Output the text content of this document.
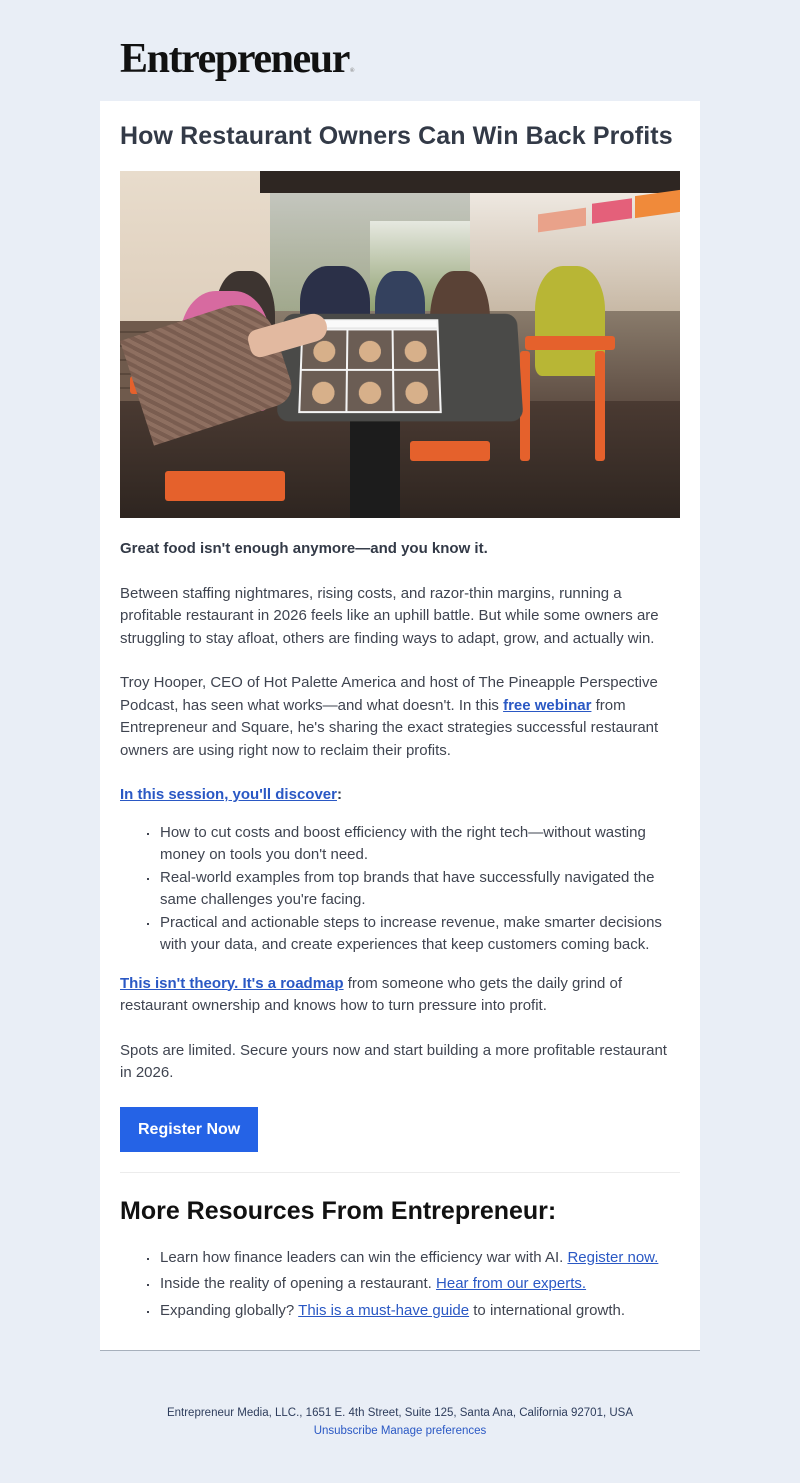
Entrepreneur®
How Restaurant Owners Can Win Back Profits

Great food isn't enough anymore—and you know it.

Between staffing nightmares, rising costs, and razor-thin margins, running a profitable restaurant in 2026 feels like an uphill battle. But while some owners are struggling to stay afloat, others are finding ways to adapt, grow, and actually win.

Troy Hooper, CEO of Hot Palette America and host of The Pineapple Perspective Podcast, has seen what works—and what doesn't. In this free webinar from Entrepreneur and Square, he's sharing the exact strategies successful restaurant owners are using right now to reclaim their profits.

In this session, you'll discover:

How to cut costs and boost efficiency with the right tech—without wasting money on tools you don't need.
Real-world examples from top brands that have successfully navigated the same challenges you're facing.
Practical and actionable steps to increase revenue, make smarter decisions with your data, and create experiences that keep customers coming back.

This isn't theory. It's a roadmap from someone who gets the daily grind of restaurant ownership and knows how to turn pressure into profit.

Spots are limited. Secure yours now and start building a more profitable restaurant in 2026.

Register Now
More Resources From Entrepreneur:
Learn how finance leaders can win the efficiency war with AI. Register now.
Inside the reality of opening a restaurant. Hear from our experts.
Expanding globally? This is a must-have guide to international growth.
Entrepreneur Media, LLC., 1651 E. 4th Street, Suite 125, Santa Ana, California 92701, USA
Unsubscribe Manage preferences
